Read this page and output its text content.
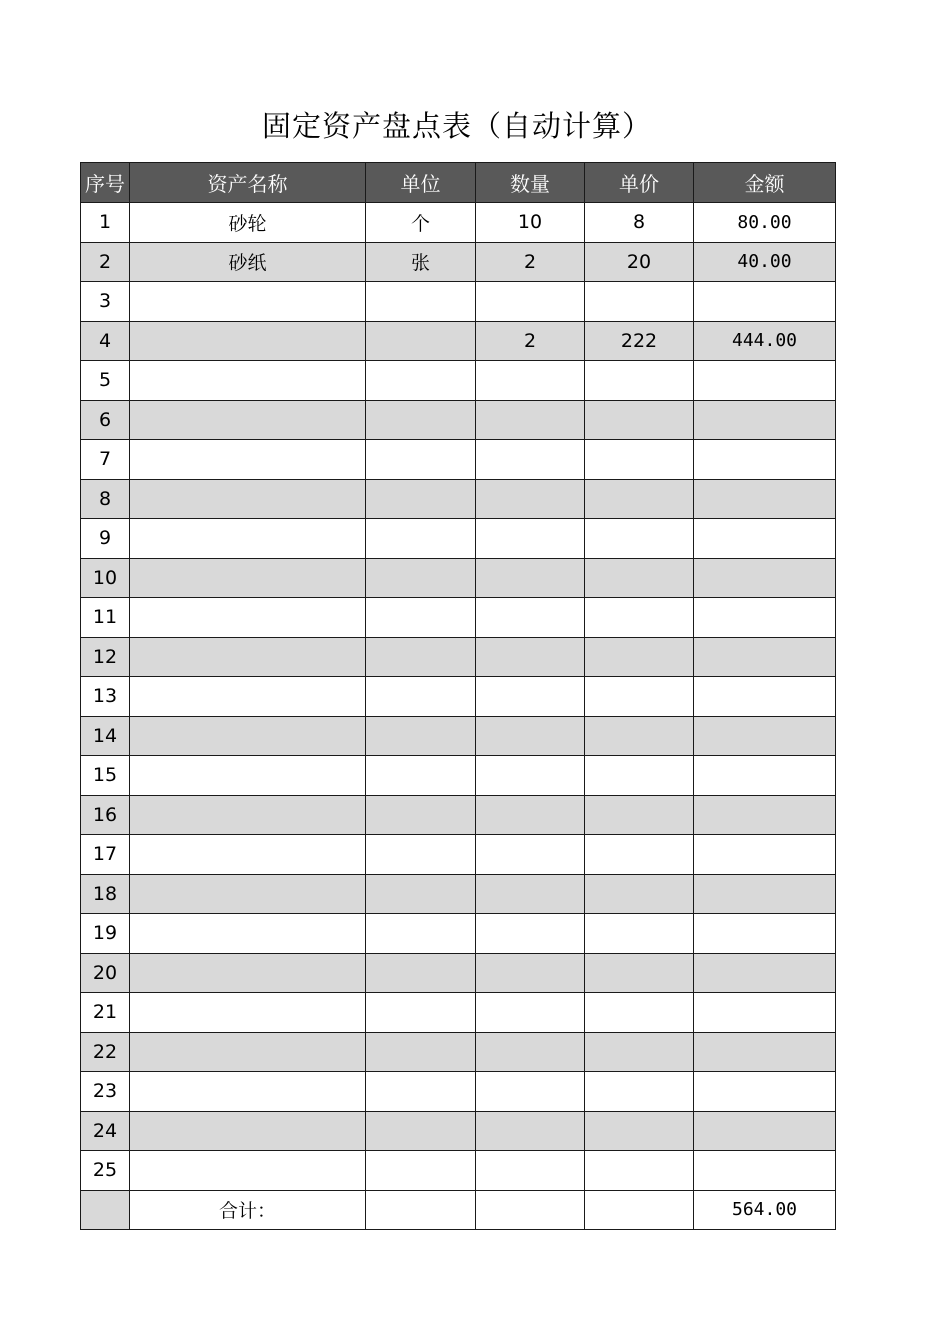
固定资产盘点表（自动计算）
序号	资产名称	单位	数量	单价	金额
1	砂轮	个	10	8	80.00
2	砂纸	张	2	20	40.00
3					
4			2	222	444.00
5					
6					
7					
8					
9					
10					
11					
12					
13					
14					
15					
16					
17					
18					
19					
20					
21					
22					
23					
24					
25					
	合计：				564.00
